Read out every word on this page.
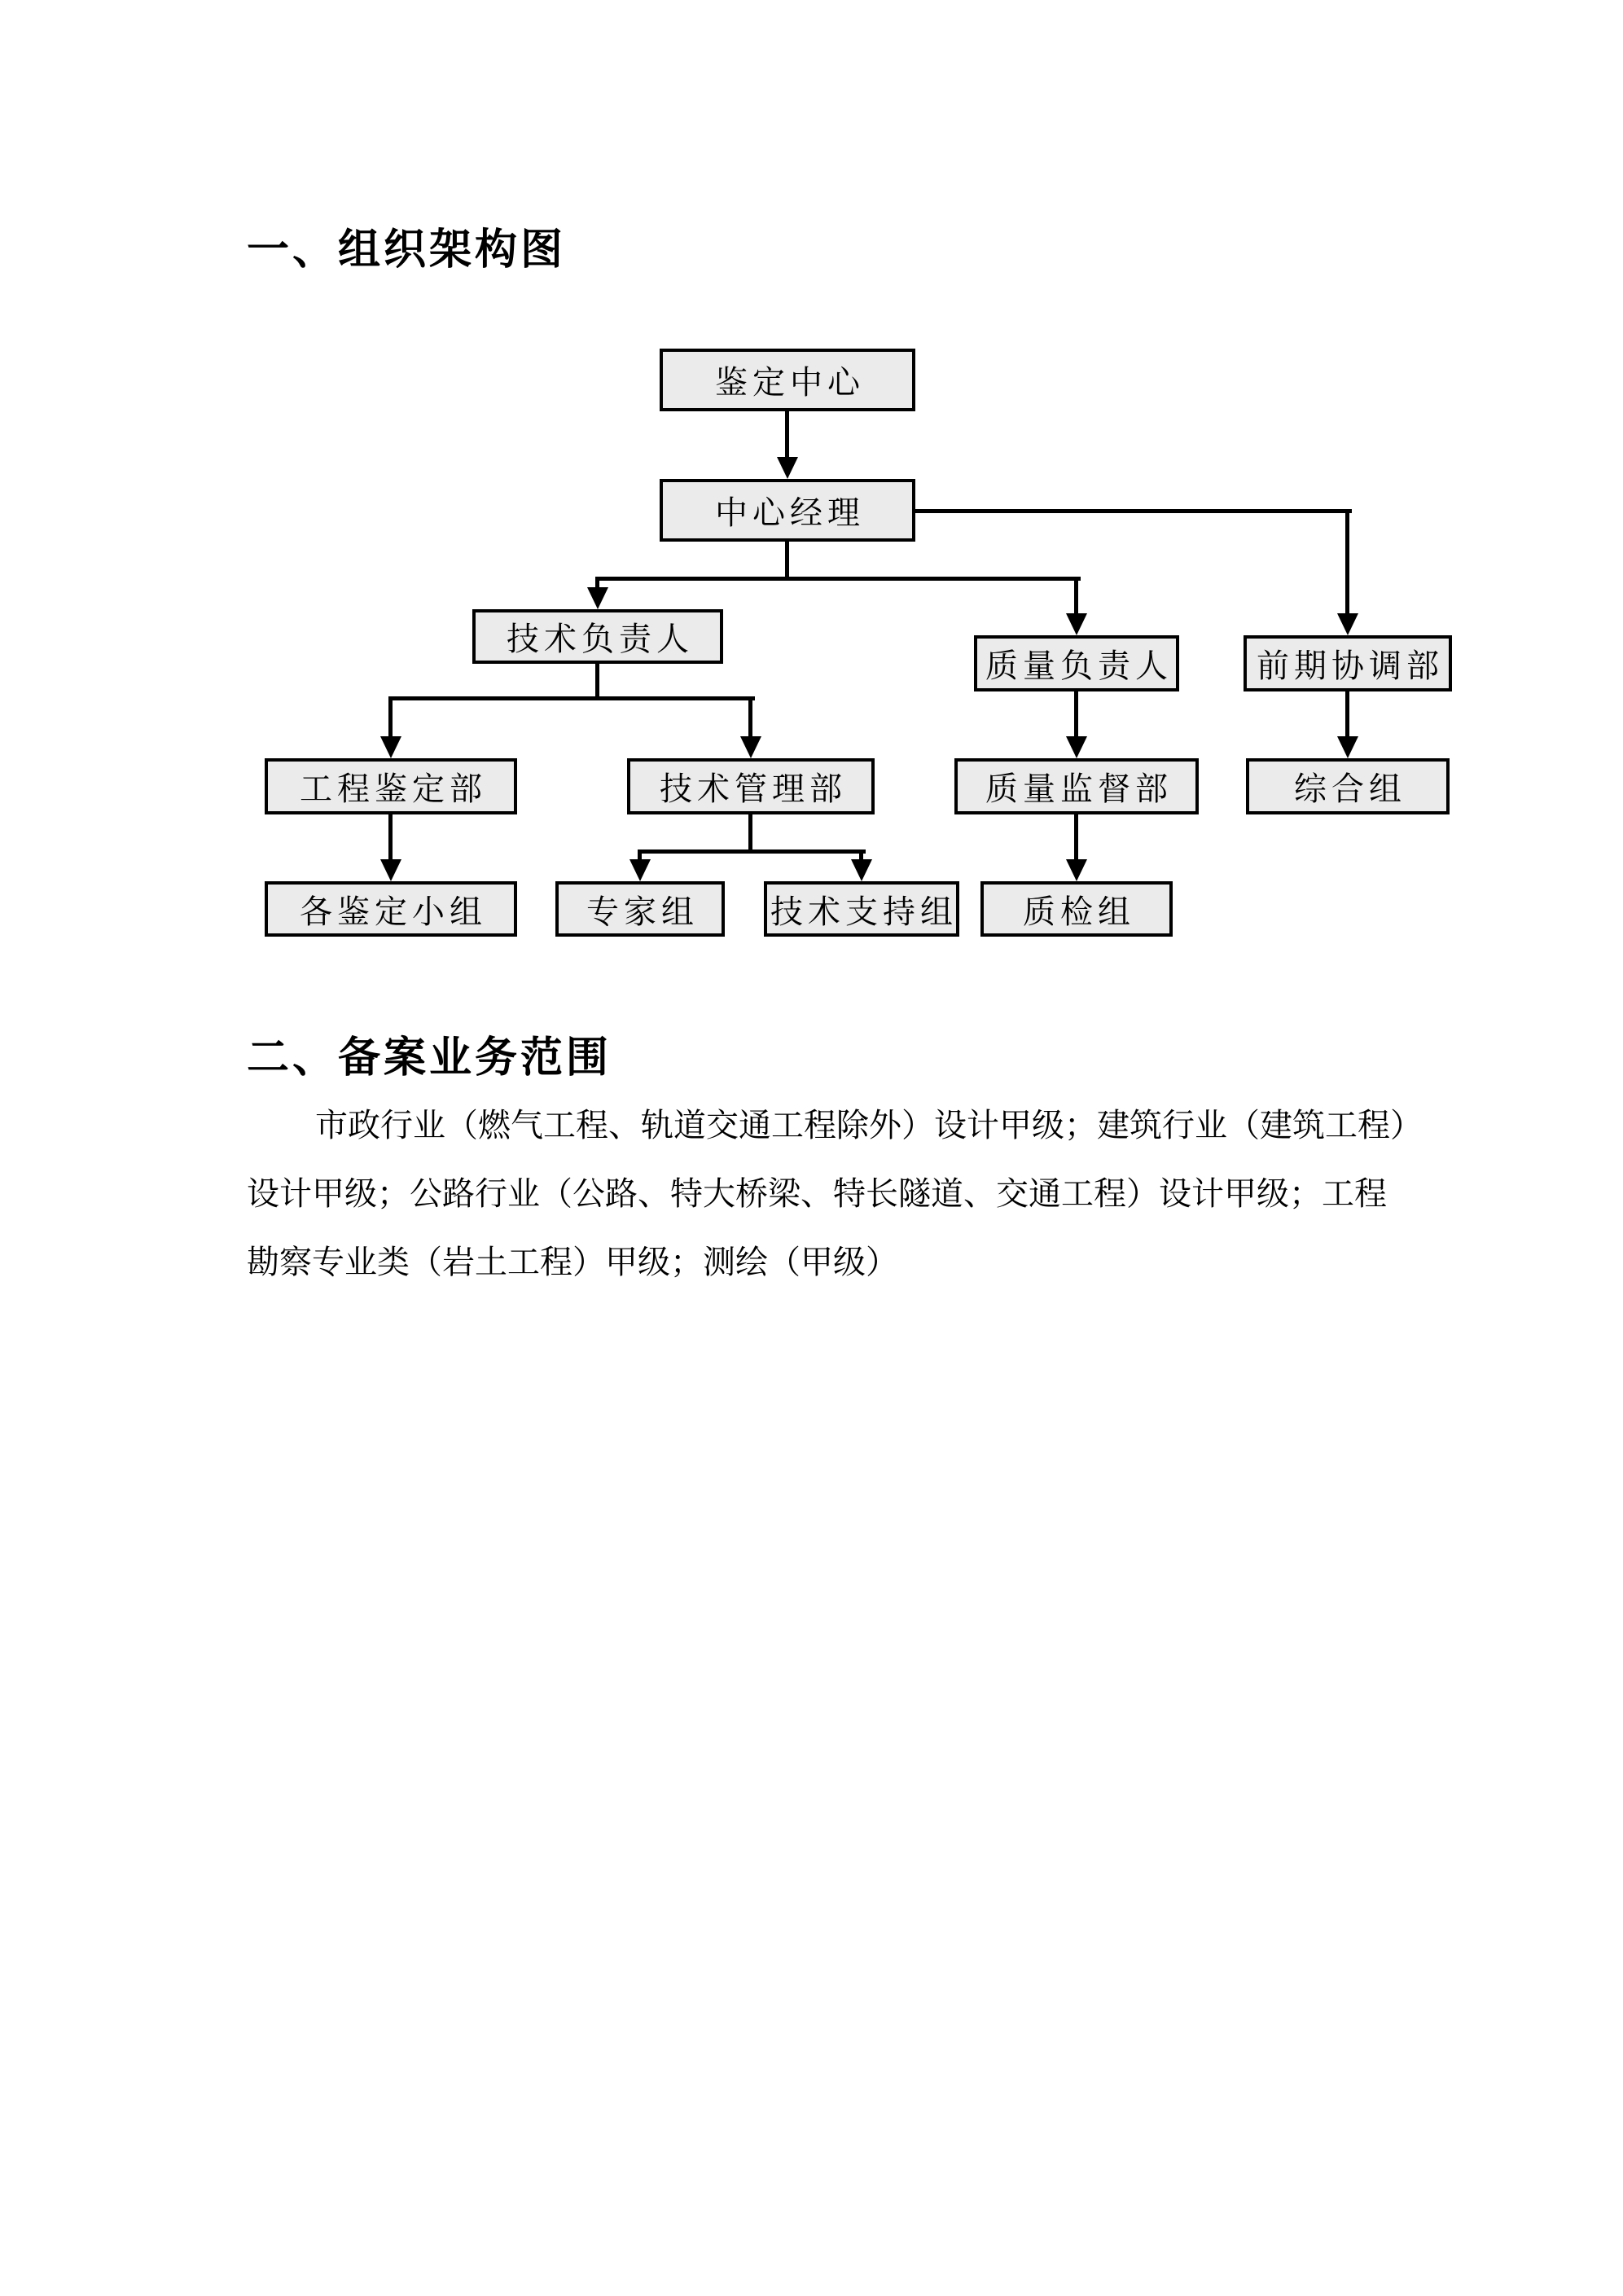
一、组织架构图
鉴定中心
中心经理
技术负责人
质量负责人	前期协调部
工程鉴定部	技术管理部	质量监督部	综合组
各鉴定小组	专家组	技术支持组	质检组
二、备案业务范围
市政行业（燃气工程、轨道交通工程除外）设计甲级；建筑行业（建筑工程）
设计甲级；公路行业（公路、特大桥梁、特长隧道、交通工程）设计甲级；工程
勘察专业类（岩土工程）甲级；测绘（甲级）
